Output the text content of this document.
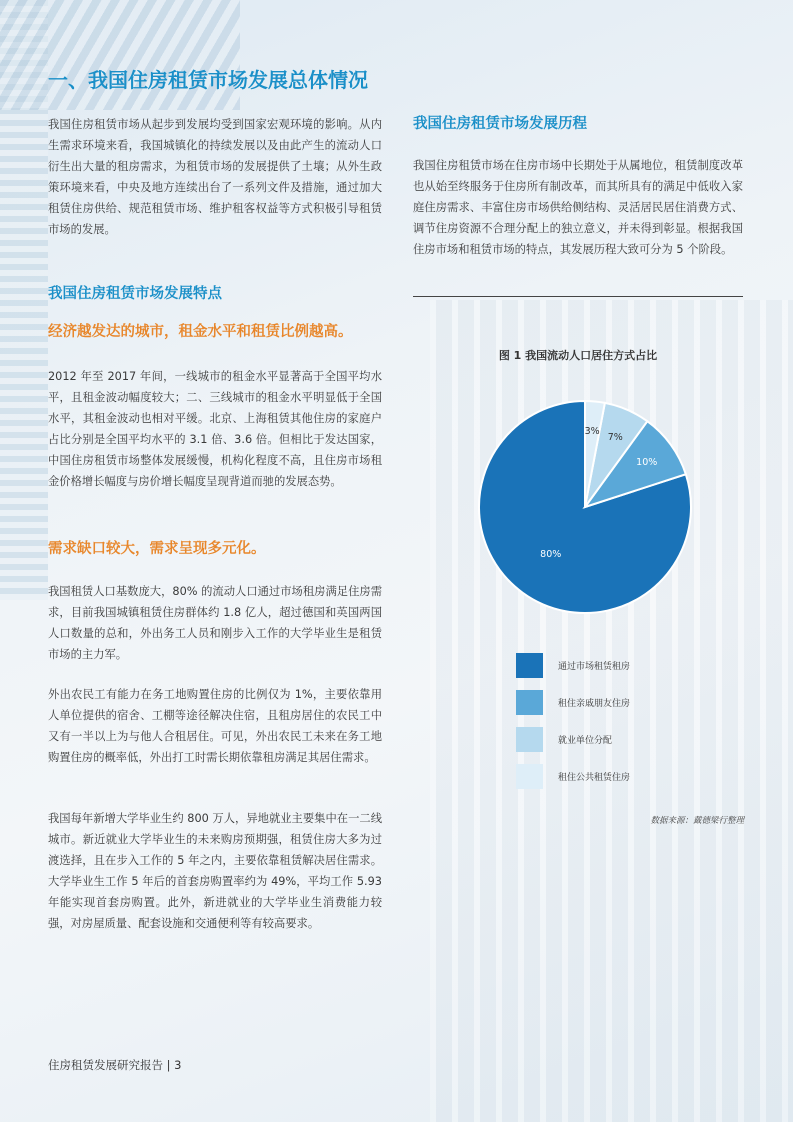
一、我国住房租赁市场发展总体情况

我国住房租赁市场从起步到发展均受到国家宏观环境的影响。从内生需求环境来看，我国城镇化的持续发展以及由此产生的流动人口衍生出大量的租房需求，为租赁市场的发展提供了土壤；从外生政策环境来看，中央及地方连续出台了一系列文件及措施，通过加大租赁住房供给、规范租赁市场、维护租客权益等方式积极引导租赁市场的发展。

我国住房租赁市场发展特点
经济越发达的城市，租金水平和租赁比例越高。

2012 年至 2017 年间，一线城市的租金水平显著高于全国平均水平，且租金波动幅度较大；二、三线城市的租金水平明显低于全国水平，其租金波动也相对平缓。北京、上海租赁其他住房的家庭户占比分别是全国平均水平的 3.1 倍、3.6 倍。但相比于发达国家，中国住房租赁市场整体发展缓慢，机构化程度不高，且住房市场租金价格增长幅度与房价增长幅度呈现背道而驰的发展态势。

需求缺口较大，需求呈现多元化。

我国租赁人口基数庞大，80% 的流动人口通过市场租房满足住房需求，目前我国城镇租赁住房群体约 1.8 亿人，超过德国和英国两国人口数量的总和，外出务工人员和刚步入工作的大学毕业生是租赁市场的主力军。

外出农民工有能力在务工地购置住房的比例仅为 1%，主要依靠用人单位提供的宿舍、工棚等途径解决住宿，且租房居住的农民工中又有一半以上为与他人合租居住。可见，外出农民工未来在务工地购置住房的概率低，外出打工时需长期依靠租房满足其居住需求。

我国每年新增大学毕业生约 800 万人，异地就业主要集中在一二线城市。新近就业大学毕业生的未来购房预期强，租赁住房大多为过渡选择，且在步入工作的 5 年之内，主要依靠租赁解决居住需求。大学毕业生工作 5 年后的首套房购置率约为 49%，平均工作 5.93 年能实现首套房购置。此外，新进就业的大学毕业生消费能力较强，对房屋质量、配套设施和交通便利等有较高要求。

我国住房租赁市场发展历程

我国住房租赁市场在住房市场中长期处于从属地位，租赁制度改革也从始至终服务于住房所有制改革，而其所具有的满足中低收入家庭住房需求、丰富住房市场供给侧结构、灵活居民居住消费方式、调节住房资源不合理分配上的独立意义，并未得到彰显。根据我国住房市场和租赁市场的特点，其发展历程大致可分为 5 个阶段。

图 1 我国流动人口居住方式占比

80%
10%
7%
3%
通过市场租赁租房
租住亲戚朋友住房
就业单位分配
租住公共租赁住房
数据来源：戴德梁行整理
住房租赁发展研究报告 | 3
